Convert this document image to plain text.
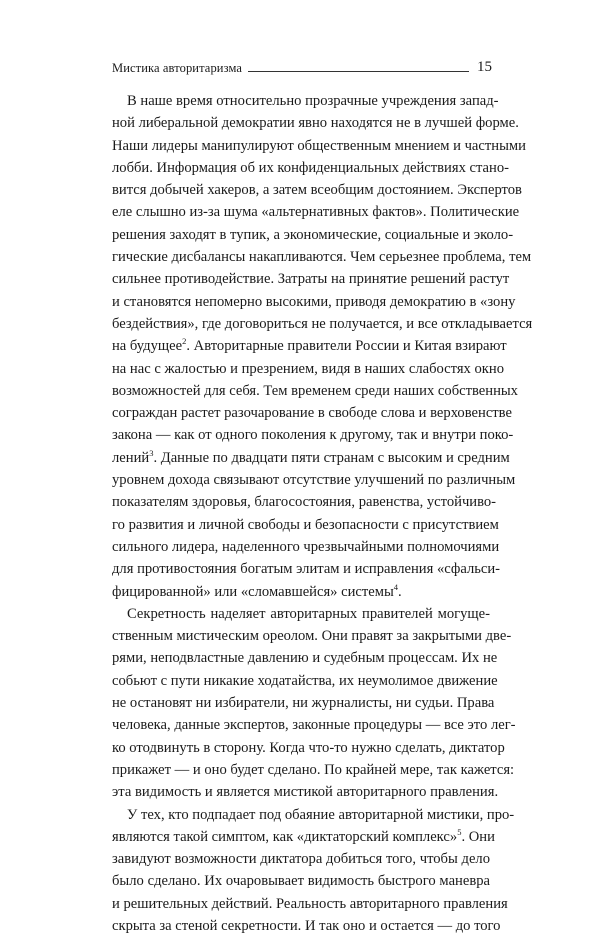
Мистика авторитаризма	15
В наше время относительно прозрачные учреждения запад-
ной либеральной демократии явно находятся не в лучшей форме.
Наши лидеры манипулируют общественным мнением и частными
лобби. Информация об их конфиденциальных действиях стано-
вится добычей хакеров, а затем всеобщим достоянием. Экспертов
еле слышно из-за шума «альтернативных фактов». Политические
решения заходят в тупик, а экономические, социальные и эколо-
гические дисбалансы накапливаются. Чем серьезнее проблема, тем
сильнее противодействие. Затраты на принятие решений растут
и становятся непомерно высокими, приводя демократию в «зону
бездействия», где договориться не получается, и все откладывается
на будущее$^2$. Авторитарные правители России и Китая взирают
на нас с жалостью и презрением, видя в наших слабостях окно
возможностей для себя. Тем временем среди наших собственных
сограждан растет разочарование в свободе слова и верховенстве
закона — как от одного поколения к другому, так и внутри поко-
лений$^3$. Данные по двадцати пяти странам с высоким и средним
уровнем дохода связывают отсутствие улучшений по различным
показателям здоровья, благосостояния, равенства, устойчиво-
го развития и личной свободы и безопасности с присутствием
сильного лидера, наделенного чрезвычайными полномочиями
для противостояния богатым элитам и исправления «сфальси-
фицированной» или «сломавшейся» системы$^4$.
Секретность наделяет авторитарных правителей могуще-
ственным мистическим ореолом. Они правят за закрытыми две-
рями, неподвластные давлению и судебным процессам. Их не
собьют с пути никакие ходатайства, их неумолимое движение
не остановят ни избиратели, ни журналисты, ни судьи. Права
человека, данные экспертов, законные процедуры — все это лег-
ко отодвинуть в сторону. Когда что-то нужно сделать, диктатор
прикажет — и оно будет сделано. По крайней мере, так кажется:
эта видимость и является мистикой авторитарного правления.
У тех, кто подпадает под обаяние авторитарной мистики, про-
являются такой симптом, как «диктаторский комплекс»$^5$. Они
завидуют возможности диктатора добиться того, чтобы дело
было сделано. Их очаровывает видимость быстрого маневра
и решительных действий. Реальность авторитарного правления
скрыта за стеной секретности. И так оно и остается — до того
